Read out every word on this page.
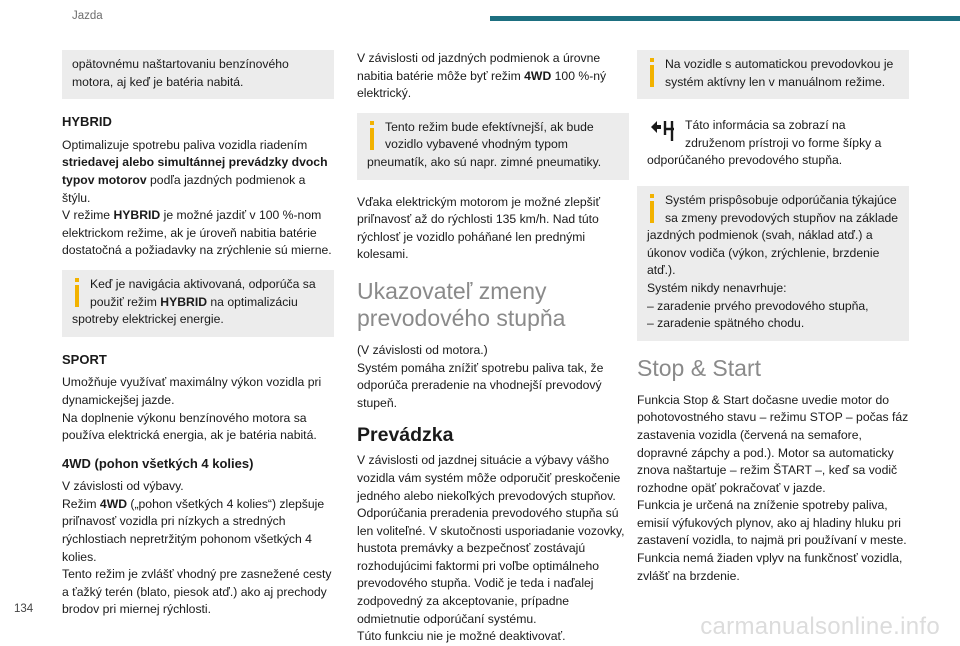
Jazda
opätovnému naštartovaniu benzínového motora, aj keď je batéria nabitá.
HYBRID

Optimalizuje spotrebu paliva vozidla riadením striedavej alebo simultánnej prevádzky dvoch typov motorov podľa jazdných podmienok a štýlu.
V režime HYBRID je možné jazdiť v 100 %-nom elektrickom režime, ak je úroveň nabitia batérie dostatočná a požiadavky na zrýchlenie sú mierne.

Keď je navigácia aktivovaná, odporúča sa použiť režim HYBRID na optimalizáciu spotreby elektrickej energie.
SPORT

Umožňuje využívať maximálny výkon vozidla pri dynamickejšej jazde.
Na doplnenie výkonu benzínového motora sa používa elektrická energia, ak je batéria nabitá.

4WD (pohon všetkých 4 kolies)

V závislosti od výbavy.
Režim 4WD („pohon všetkých 4 kolies“) zlepšuje priľnavosť vozidla pri nízkych a stredných rýchlostiach nepretržitým pohonom všetkých 4 kolies.
Tento režim je zvlášť vhodný pre zasnežené cesty a ťažký terén (blato, piesok atď.) ako aj prechody brodov pri miernej rýchlosti.

V závislosti od jazdných podmienok a úrovne nabitia batérie môže byť režim 4WD 100 %-ný elektrický.

Tento režim bude efektívnejší, ak bude vozidlo vybavené vhodným typom pneumatík, ako sú napr. zimné pneumatiky.

Vďaka elektrickým motorom je možné zlepšiť priľnavosť až do rýchlosti 135 km/h. Nad túto rýchlosť je vozidlo poháňané len prednými kolesami.

Ukazovateľ zmeny prevodového stupňa

(V závislosti od motora.)
Systém pomáha znížiť spotrebu paliva tak, že odporúča preradenie na vhodnejší prevodový stupeň.

Prevádzka

V závislosti od jazdnej situácie a výbavy vášho vozidla vám systém môže odporučiť preskočenie jedného alebo niekoľkých prevodových stupňov.
Odporúčania preradenia prevodového stupňa sú len voliteľné. V skutočnosti usporiadanie vozovky, hustota premávky a bezpečnosť zostávajú rozhodujúcimi faktormi pri voľbe optimálneho prevodového stupňa. Vodič je teda i naďalej zodpovedný za akceptovanie, prípadne odmietnutie odporúčaní systému.
Túto funkciu nie je možné deaktivovať.

Na vozidle s automatickou prevodovkou je systém aktívny len v manuálnom režime.
Táto informácia sa zobrazí na združenom prístroji vo forme šípky a odporúčaného prevodového stupňa.
Systém prispôsobuje odporúčania týkajúce sa zmeny prevodových stupňov na základe jazdných podmienok (svah, náklad atď.) a úkonov vodiča (výkon, zrýchlenie, brzdenie atď.).
Systém nikdy nenavrhuje:
– zaradenie prvého prevodového stupňa,
– zaradenie spätného chodu.
Stop & Start

Funkcia Stop & Start dočasne uvedie motor do pohotovostného stavu – režimu STOP – počas fáz zastavenia vozidla (červená na semafore, dopravné zápchy a pod.). Motor sa automaticky znova naštartuje – režim ŠTART –, keď sa vodič rozhodne opäť pokračovať v jazde.
Funkcia je určená na zníženie spotreby paliva, emisií výfukových plynov, ako aj hladiny hluku pri zastavení vozidla, to najmä pri používaní v meste.
Funkcia nemá žiaden vplyv na funkčnosť vozidla, zvlášť na brzdenie.

134
carmanualsonline.info
